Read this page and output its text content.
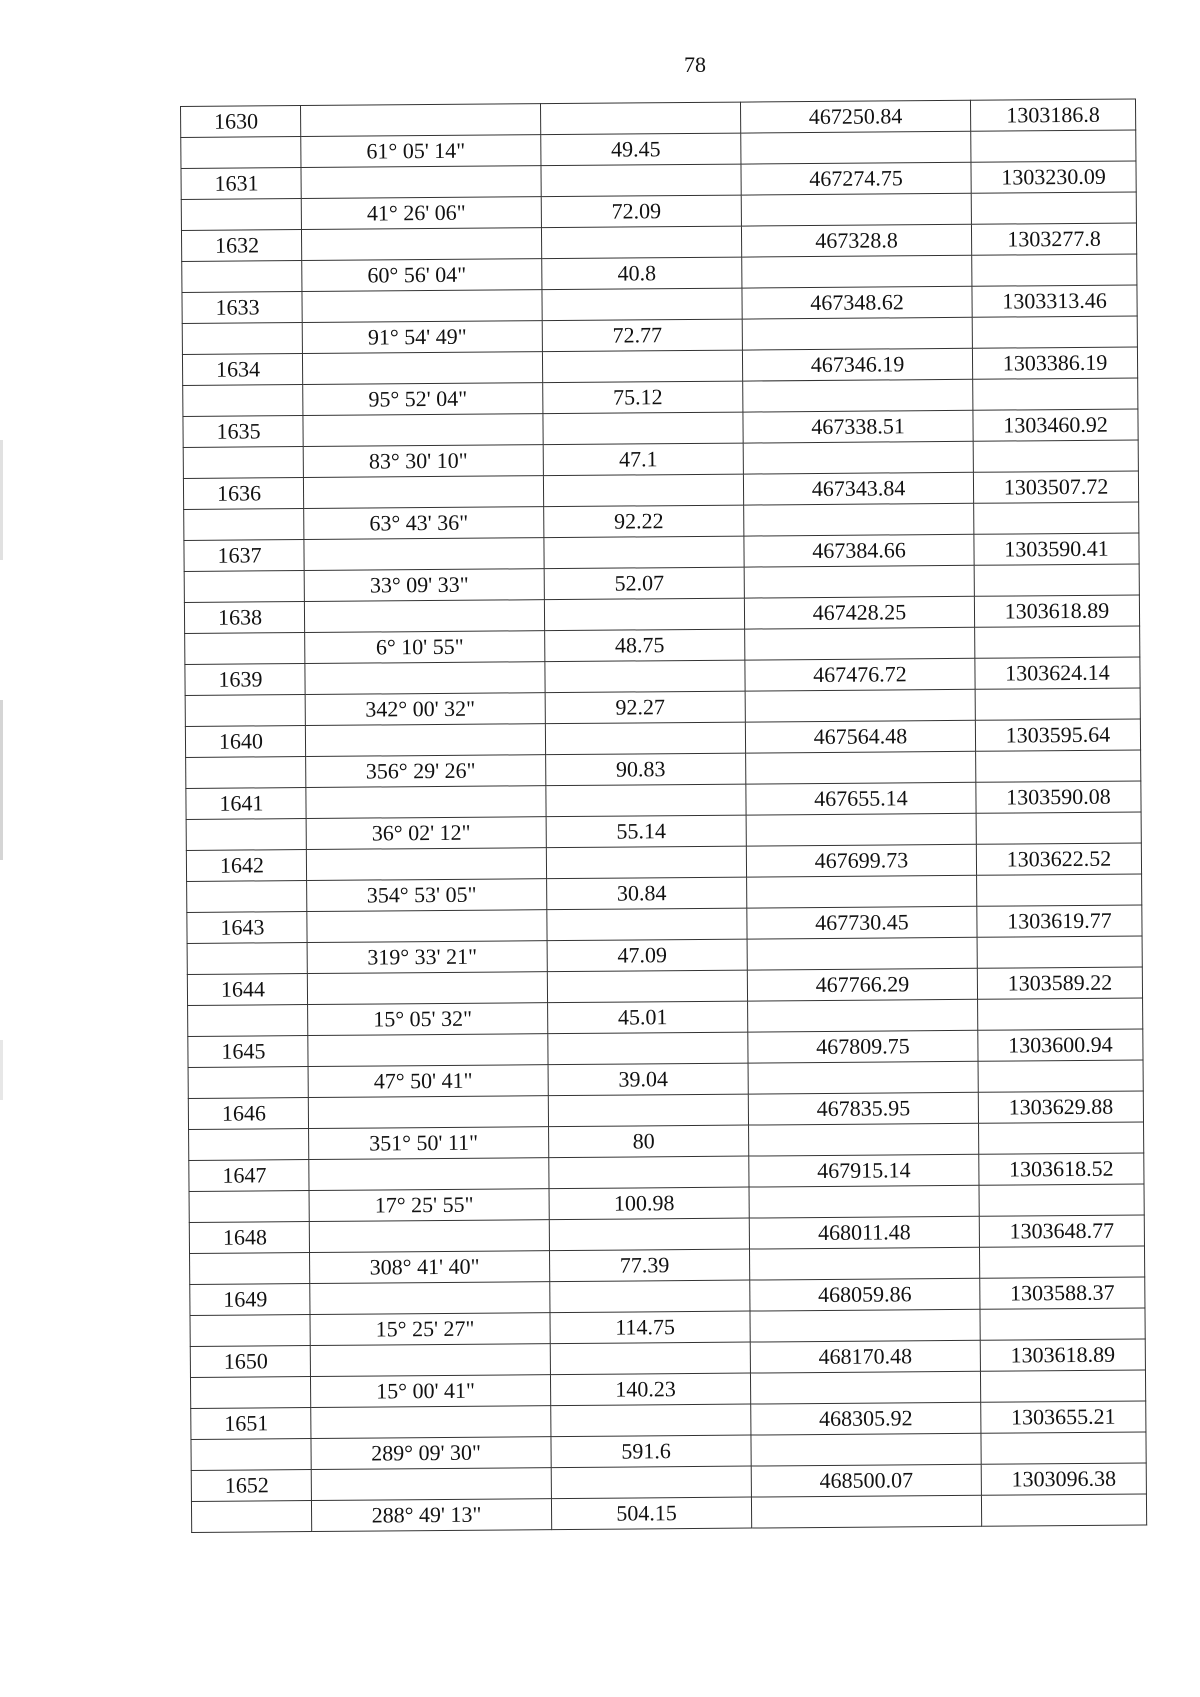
78
1630			467250.84	1303186.8
	61° 05' 14"	49.45		
1631			467274.75	1303230.09
	41° 26' 06"	72.09		
1632			467328.8	1303277.8
	60° 56' 04"	40.8		
1633			467348.62	1303313.46
	91° 54' 49"	72.77		
1634			467346.19	1303386.19
	95° 52' 04"	75.12		
1635			467338.51	1303460.92
	83° 30' 10"	47.1		
1636			467343.84	1303507.72
	63° 43' 36"	92.22		
1637			467384.66	1303590.41
	33° 09' 33"	52.07		
1638			467428.25	1303618.89
	6° 10' 55"	48.75		
1639			467476.72	1303624.14
	342° 00' 32"	92.27		
1640			467564.48	1303595.64
	356° 29' 26"	90.83		
1641			467655.14	1303590.08
	36° 02' 12"	55.14		
1642			467699.73	1303622.52
	354° 53' 05"	30.84		
1643			467730.45	1303619.77
	319° 33' 21"	47.09		
1644			467766.29	1303589.22
	15° 05' 32"	45.01		
1645			467809.75	1303600.94
	47° 50' 41"	39.04		
1646			467835.95	1303629.88
	351° 50' 11"	80		
1647			467915.14	1303618.52
	17° 25' 55"	100.98		
1648			468011.48	1303648.77
	308° 41' 40"	77.39		
1649			468059.86	1303588.37
	15° 25' 27"	114.75		
1650			468170.48	1303618.89
	15° 00' 41"	140.23		
1651			468305.92	1303655.21
	289° 09' 30"	591.6		
1652			468500.07	1303096.38
	288° 49' 13"	504.15		
